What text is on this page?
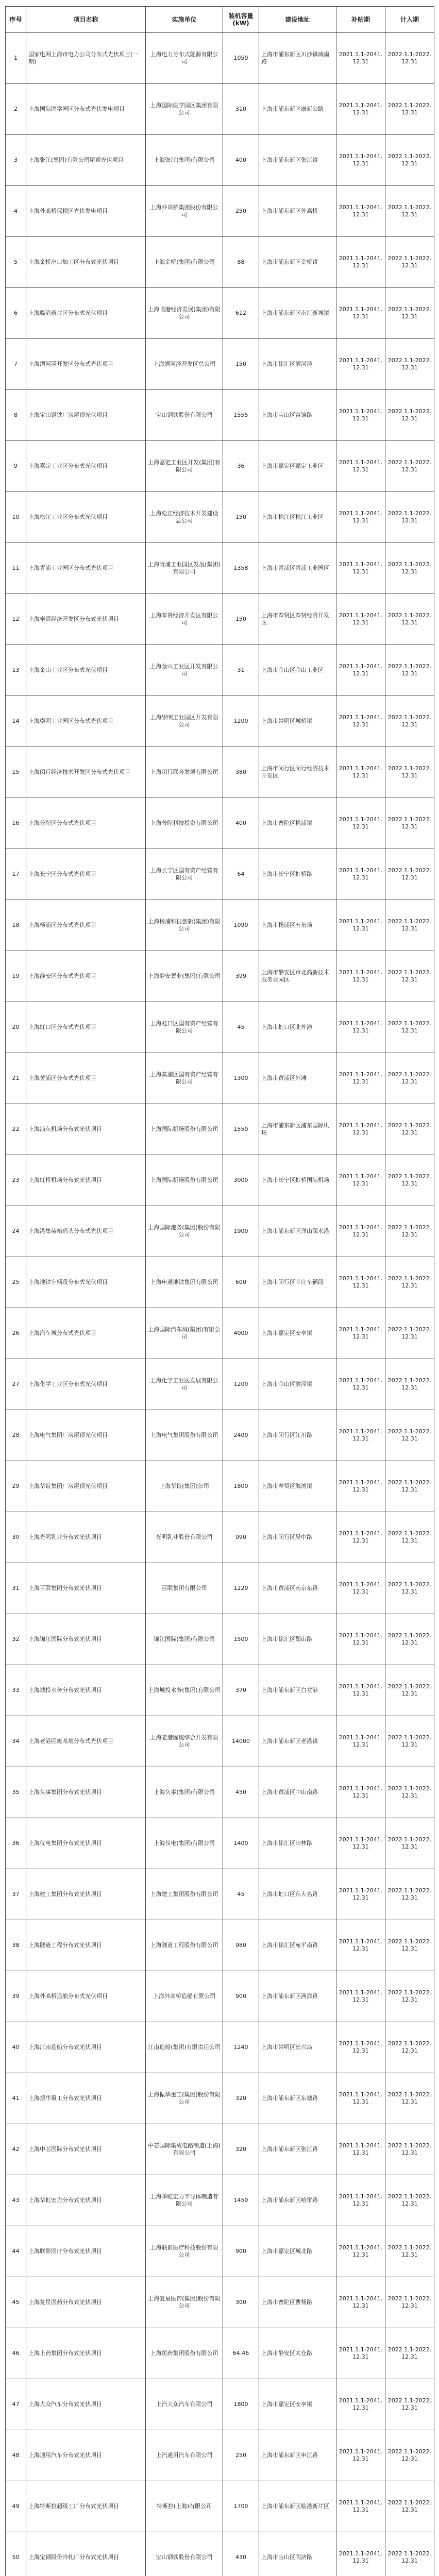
序号	项目名称	实施单位	装机容量(kW)	建设地址	补贴期	计入期
1	国家电网上海市电力公司分布式光伏项目(一期)	上海电力分布式能源有限公司	1050	上海市浦东新区川沙镇城南路	2021.1.1-2041.12.31	2022.1.1-2022.12.31
2	上海国际医学园区分布式光伏发电项目	上海国际医学园区集团有限公司	310	上海市浦东新区康新公路	2021.1.1-2041.12.31	2022.1.1-2022.12.31
3	上海张江(集团)有限公司屋顶光伏项目	上海张江(集团)有限公司	400	上海市浦东新区张江镇	2021.1.1-2041.12.31	2022.1.1-2022.12.31
4	上海外高桥保税区光伏发电项目	上海外高桥集团股份有限公司	250	上海市浦东新区外高桥	2021.1.1-2041.12.31	2022.1.1-2022.12.31
5	上海金桥出口加工区分布式光伏项目	上海金桥(集团)有限公司	88	上海市浦东新区金桥镇	2021.1.1-2041.12.31	2022.1.1-2022.12.31
6	上海临港新片区分布式光伏项目	上海临港经济发展(集团)有限公司	612	上海市浦东新区南汇新城镇	2021.1.1-2041.12.31	2022.1.1-2022.12.31
7	上海漕河泾开发区分布式光伏项目	上海漕河泾开发区总公司	150	上海市徐汇区漕河泾	2021.1.1-2041.12.31	2022.1.1-2022.12.31
8	上海宝山钢铁厂房屋顶光伏项目	宝山钢铁股份有限公司	1555	上海市宝山区富锦路	2021.1.1-2041.12.31	2022.1.1-2022.12.31
9	上海嘉定工业区分布式光伏项目	上海嘉定工业区开发(集团)有限公司	36	上海市嘉定区嘉定工业区	2021.1.1-2041.12.31	2022.1.1-2022.12.31
10	上海松江工业区分布式光伏项目	上海松江经济技术开发建设总公司	150	上海市松江区松江工业区	2021.1.1-2041.12.31	2022.1.1-2022.12.31
11	上海青浦工业园区分布式光伏项目	上海青浦工业园区发展(集团)有限公司	1358	上海市青浦区青浦工业园区	2021.1.1-2041.12.31	2022.1.1-2022.12.31
12	上海奉贤经济开发区分布式光伏项目	上海奉贤经济开发区有限公司	150	上海市奉贤区奉贤经济开发区	2021.1.1-2041.12.31	2022.1.1-2022.12.31
13	上海金山工业区分布式光伏项目	上海金山工业区开发有限公司	31	上海市金山区金山工业区	2021.1.1-2041.12.31	2022.1.1-2022.12.31
14	上海崇明工业园区分布式光伏项目	上海崇明工业园区开发有限公司	1200	上海市崇明区城桥镇	2021.1.1-2041.12.31	2022.1.1-2022.12.31
15	上海闵行经济技术开发区分布式光伏项目	上海闵行联合发展有限公司	380	上海市闵行区闵行经济技术开发区	2021.1.1-2041.12.31	2022.1.1-2022.12.31
16	上海普陀区分布式光伏项目	上海普陀科技投资有限公司	400	上海市普陀区桃浦镇	2021.1.1-2041.12.31	2022.1.1-2022.12.31
17	上海长宁区分布式光伏项目	上海长宁区国有资产经营有限公司	64	上海市长宁区虹桥路	2021.1.1-2041.12.31	2022.1.1-2022.12.31
18	上海杨浦区分布式光伏项目	上海杨浦科技创新(集团)有限公司	1090	上海市杨浦区五角场	2021.1.1-2041.12.31	2022.1.1-2022.12.31
19	上海静安区分布式光伏项目	上海静安置业(集团)有限公司	399	上海市静安区市北高新技术服务业园区	2021.1.1-2041.12.31	2022.1.1-2022.12.31
20	上海虹口区分布式光伏项目	上海虹口区国有资产经营有限公司	45	上海市虹口区北外滩	2021.1.1-2041.12.31	2022.1.1-2022.12.31
21	上海黄浦区分布式光伏项目	上海黄浦区国有资产经营有限公司	1300	上海市黄浦区外滩	2021.1.1-2041.12.31	2022.1.1-2022.12.31
22	上海浦东机场分布式光伏项目	上海国际机场股份有限公司	1550	上海市浦东新区浦东国际机场	2021.1.1-2041.12.31	2022.1.1-2022.12.31
23	上海虹桥机场分布式光伏项目	上海国际机场股份有限公司	3000	上海市长宁区虹桥国际机场	2021.1.1-2041.12.31	2022.1.1-2022.12.31
24	上海港集装箱码头分布式光伏项目	上海国际港务(集团)股份有限公司	1900	上海市浦东新区洋山深水港	2021.1.1-2041.12.31	2022.1.1-2022.12.31
25	上海地铁车辆段分布式光伏项目	上海申通地铁集团有限公司	600	上海市闵行区莘庄车辆段	2021.1.1-2041.12.31	2022.1.1-2022.12.31
26	上海汽车城分布式光伏项目	上海国际汽车城(集团)有限公司	4000	上海市嘉定区安亭镇	2021.1.1-2041.12.31	2022.1.1-2022.12.31
27	上海化学工业区分布式光伏项目	上海化学工业区发展有限公司	1200	上海市金山区漕泾镇	2021.1.1-2041.12.31	2022.1.1-2022.12.31
28	上海电气集团厂房屋顶光伏项目	上海电气集团股份有限公司	2400	上海市闵行区江川路	2021.1.1-2041.12.31	2022.1.1-2022.12.31
29	上海华谊集团厂房屋顶光伏项目	上海华谊(集团)公司	1800	上海市奉贤区海湾镇	2021.1.1-2041.12.31	2022.1.1-2022.12.31
30	上海光明乳业分布式光伏项目	光明乳业股份有限公司	990	上海市闵行区吴中路	2021.1.1-2041.12.31	2022.1.1-2022.12.31
31	上海百联集团分布式光伏项目	百联集团有限公司	1220	上海市黄浦区南京东路	2021.1.1-2041.12.31	2022.1.1-2022.12.31
32	上海锦江国际分布式光伏项目	锦江国际(集团)有限公司	1500	上海市徐汇区衡山路	2021.1.1-2041.12.31	2022.1.1-2022.12.31
33	上海城投水务分布式光伏项目	上海城投水务(集团)有限公司	370	上海市浦东新区白龙港	2021.1.1-2041.12.31	2022.1.1-2022.12.31
34	上海老港固废基地分布式光伏项目	上海老港固废综合开发有限公司	14000	上海市浦东新区老港镇	2021.1.1-2041.12.31	2022.1.1-2022.12.31
35	上海久事集团分布式光伏项目	上海久事(集团)有限公司	450	上海市黄浦区中山南路	2021.1.1-2041.12.31	2022.1.1-2022.12.31
36	上海仪电集团分布式光伏项目	上海仪电(集团)有限公司	1400	上海市徐汇区田林路	2021.1.1-2041.12.31	2022.1.1-2022.12.31
37	上海建工集团分布式光伏项目	上海建工集团股份有限公司	45	上海市虹口区东大名路	2021.1.1-2041.12.31	2022.1.1-2022.12.31
38	上海隧道工程分布式光伏项目	上海隧道工程股份有限公司	980	上海市徐汇区宛平南路	2021.1.1-2041.12.31	2022.1.1-2022.12.31
39	上海外高桥造船分布式光伏项目	上海外高桥造船有限公司	900	上海市浦东新区洲海路	2021.1.1-2041.12.31	2022.1.1-2022.12.31
40	上海江南造船分布式光伏项目	江南造船(集团)有限责任公司	1240	上海市崇明区长兴岛	2021.1.1-2041.12.31	2022.1.1-2022.12.31
41	上海振华重工分布式光伏项目	上海振华重工(集团)股份有限公司	320	上海市浦东新区东塘路	2021.1.1-2041.12.31	2022.1.1-2022.12.31
42	上海中芯国际分布式光伏项目	中芯国际集成电路制造(上海)有限公司	320	上海市浦东新区张江路	2021.1.1-2041.12.31	2022.1.1-2022.12.31
43	上海华虹宏力分布式光伏项目	上海华虹宏力半导体制造有限公司	1450	上海市浦东新区哈雷路	2021.1.1-2041.12.31	2022.1.1-2022.12.31
44	上海联影医疗分布式光伏项目	上海联影医疗科技股份有限公司	900	上海市嘉定区城北路	2021.1.1-2041.12.31	2022.1.1-2022.12.31
45	上海复星医药分布式光伏项目	上海复星医药(集团)股份有限公司	300	上海市普陀区曹杨路	2021.1.1-2041.12.31	2022.1.1-2022.12.31
46	上海上药集团分布式光伏项目	上海医药集团股份有限公司	64.46	上海市静安区太仓路	2021.1.1-2041.12.31	2022.1.1-2022.12.31
47	上海大众汽车分布式光伏项目	上汽大众汽车有限公司	1800	上海市嘉定区安亭镇	2021.1.1-2041.12.31	2022.1.1-2022.12.31
48	上海通用汽车分布式光伏项目	上汽通用汽车有限公司	250	上海市浦东新区申江路	2021.1.1-2041.12.31	2022.1.1-2022.12.31
49	上海特斯拉超级工厂分布式光伏项目	特斯拉(上海)有限公司	1700	上海市浦东新区临港新片区	2021.1.1-2041.12.31	2022.1.1-2022.12.31
50	上海宝钢股份冷轧厂分布式光伏项目	宝山钢铁股份有限公司	430	上海市宝山区同济路	2021.1.1-2041.12.31	2022.1.1-2022.12.31
